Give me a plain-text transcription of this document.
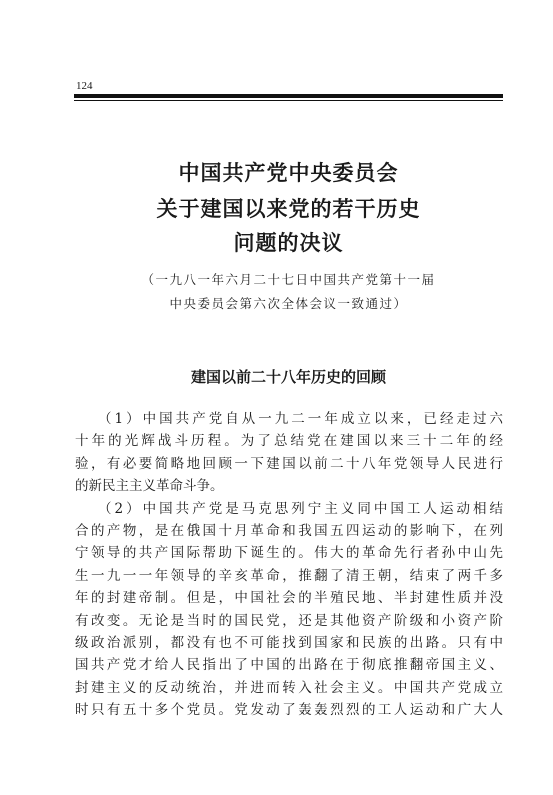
124
中国共产党中央委员会
关于建国以来党的若干历史
问题的决议
（一九八一年六月二十七日中国共产党第十一届
中央委员会第六次全体会议一致通过）
建国以前二十八年历史的回顾
（1）中国共产党自从一九二一年成立以来，已经走过六
十年的光辉战斗历程。为了总结党在建国以来三十二年的经
验，有必要简略地回顾一下建国以前二十八年党领导人民进行
的新民主主义革命斗争。
（2）中国共产党是马克思列宁主义同中国工人运动相结
合的产物，是在俄国十月革命和我国五四运动的影响下，在列
宁领导的共产国际帮助下诞生的。伟大的革命先行者孙中山先
生一九一一年领导的辛亥革命，推翻了清王朝，结束了两千多
年的封建帝制。但是，中国社会的半殖民地、半封建性质并没
有改变。无论是当时的国民党，还是其他资产阶级和小资产阶
级政治派别，都没有也不可能找到国家和民族的出路。只有中
国共产党才给人民指出了中国的出路在于彻底推翻帝国主义、
封建主义的反动统治，并进而转入社会主义。中国共产党成立
时只有五十多个党员。党发动了轰轰烈烈的工人运动和广大人
